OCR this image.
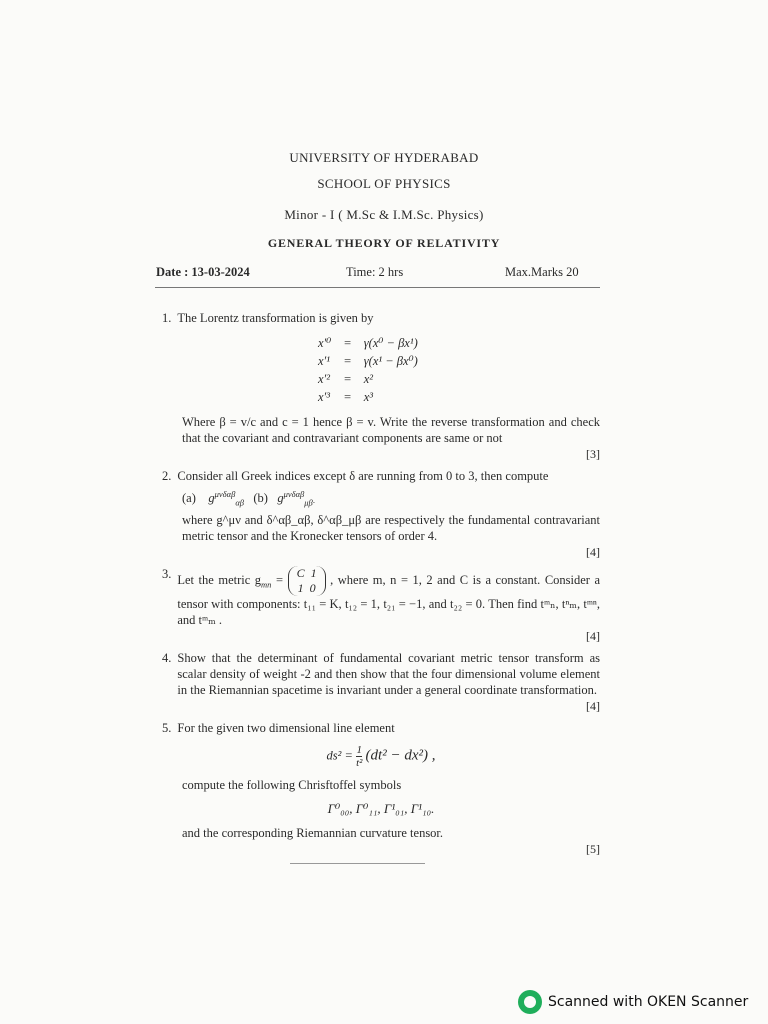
UNIVERSITY OF HYDERABAD
SCHOOL OF PHYSICS
Minor - I ( M.Sc & I.M.Sc. Physics)
GENERAL THEORY OF RELATIVITY
Date : 13-03-2024	Time: 2 hrs	Max.Marks 20
1. The Lorentz transformation is given by
x′⁰	=	γ(x⁰ − βx¹)
x′¹	=	γ(x¹ − βx⁰)
x′²	=	x²
x′³	=	x³
Where β = v/c and c = 1 hence β = v. Write the reverse transformation and check that the covariant and contravariant components are same or not
[3]
2. Consider all Greek indices except δ are running from 0 to 3, then compute
(a) $g^{\mu\nu\delta\alpha\beta}_{\alpha\beta}$ (b) $g^{\mu\nu\delta\alpha\beta}_{\mu\beta\cdot}$
where g^μν and δ^αβ_αβ, δ^αβ_μβ are respectively the fundamental contravariant metric tensor and the Kronecker tensors of order 4.
[4]
3. Let the metric $g_{mn} = C$ 1
1 0 , where m, n = 1, 2 and C is a constant. Consider a tensor with components: t₁₁ = K, t₁₂ = 1, t₂₁ = −1, and t₂₂ = 0. Then find tᵐₙ, tⁿₘ, tᵐⁿ, and tᵐₘ .
[4]
4. Show that the determinant of fundamental covariant metric tensor transform as scalar density of weight -2 and then show that the four dimensional volume element in the Riemannian spacetime is invariant under a general coordinate transformation.
[4]
5. For the given two dimensional line element
$ds^2 = \frac{1}{\text{t²}} (dt^2 - dx^2)$ ,
compute the following Chrisftoffel symbols
Γ⁰₀₀, Γ⁰₁₁, Γ¹₀₁, Γ¹₁₀.
and the corresponding Riemannian curvature tensor.
[5]
Scanned with OKEN Scanner
